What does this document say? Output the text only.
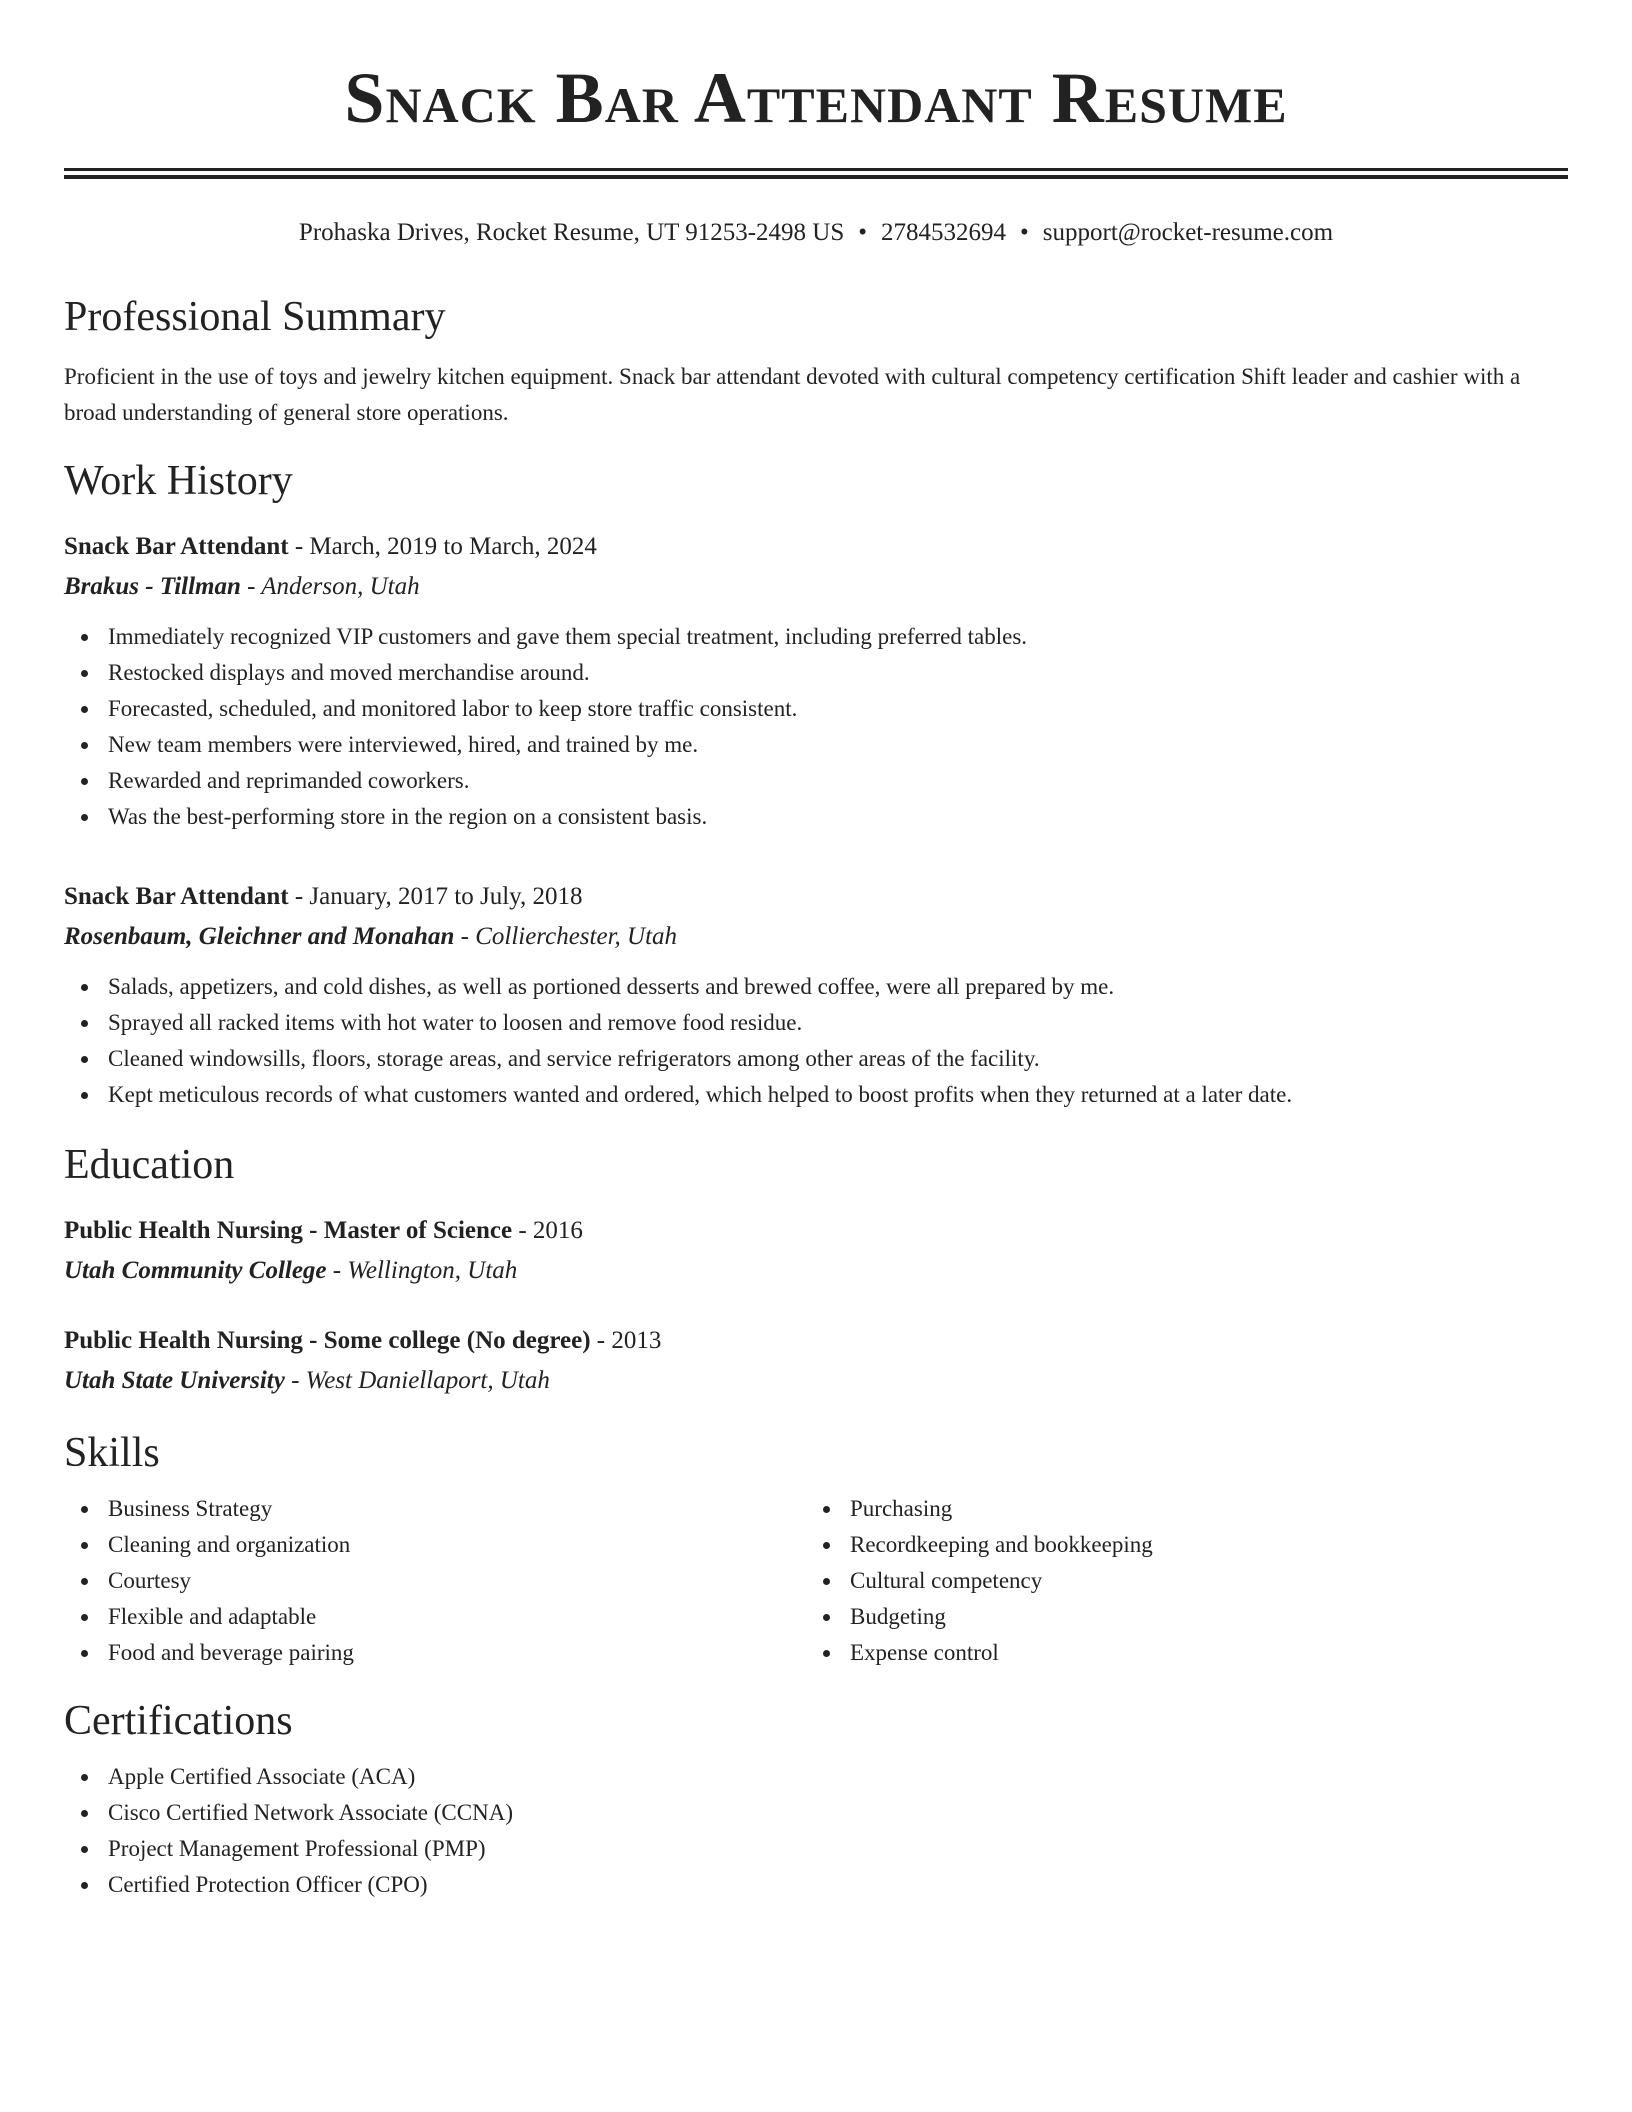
Snack Bar Attendant Resume
Prohaska Drives, Rocket Resume, UT 91253-2498 US • 2784532694 • support@rocket-resume.com
Professional Summary

Proficient in the use of toys and jewelry kitchen equipment. Snack bar attendant devoted with cultural competency certification Shift leader and cashier with a broad understanding of general store operations.

Work History
Snack Bar Attendant - March, 2019 to March, 2024
Brakus - Tillman - Anderson, Utah
Immediately recognized VIP customers and gave them special treatment, including preferred tables.
Restocked displays and moved merchandise around.
Forecasted, scheduled, and monitored labor to keep store traffic consistent.
New team members were interviewed, hired, and trained by me.
Rewarded and reprimanded coworkers.
Was the best-performing store in the region on a consistent basis.
Snack Bar Attendant - January, 2017 to July, 2018
Rosenbaum, Gleichner and Monahan - Collierchester, Utah
Salads, appetizers, and cold dishes, as well as portioned desserts and brewed coffee, were all prepared by me.
Sprayed all racked items with hot water to loosen and remove food residue.
Cleaned windowsills, floors, storage areas, and service refrigerators among other areas of the facility.
Kept meticulous records of what customers wanted and ordered, which helped to boost profits when they returned at a later date.
Education
Public Health Nursing - Master of Science - 2016
Utah Community College - Wellington, Utah
Public Health Nursing - Some college (No degree) - 2013
Utah State University - West Daniellaport, Utah
Skills
Business Strategy
Cleaning and organization
Courtesy
Flexible and adaptable
Food and beverage pairing
Purchasing
Recordkeeping and bookkeeping
Cultural competency
Budgeting
Expense control
Certifications
Apple Certified Associate (ACA)
Cisco Certified Network Associate (CCNA)
Project Management Professional (PMP)
Certified Protection Officer (CPO)
